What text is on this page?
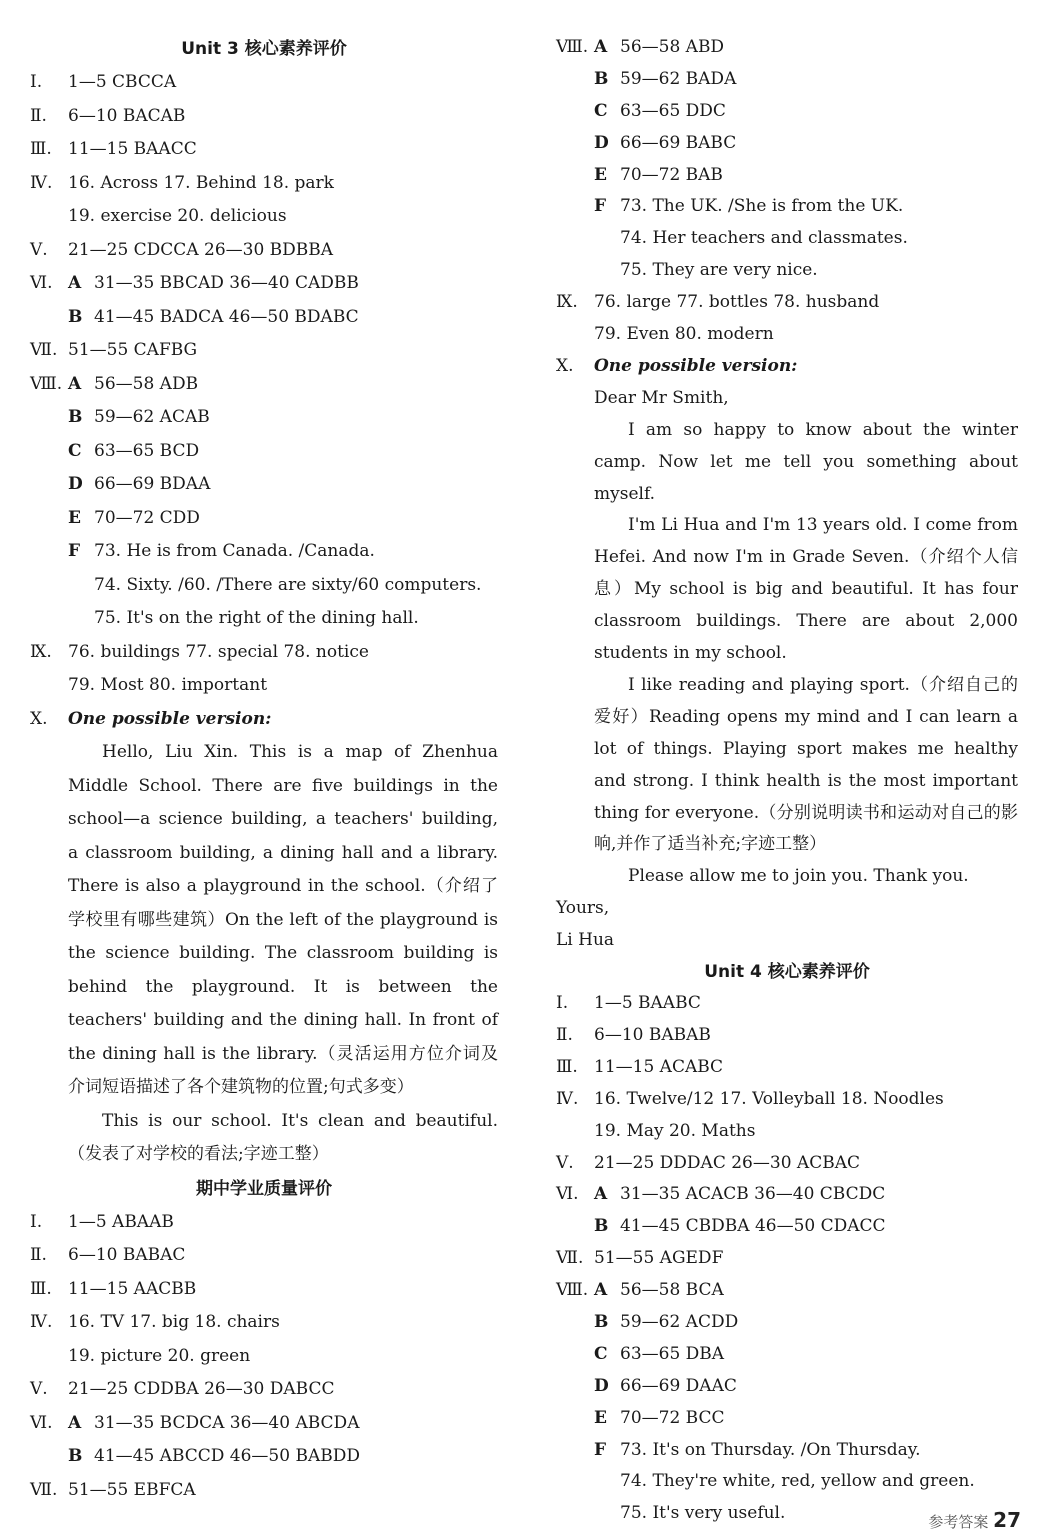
Unit 3 核心素养评价
Ⅰ. 1—5 CBCCA
Ⅱ. 6—10 BACAB
Ⅲ. 11—15 BAACC
Ⅳ. 16. Across 17. Behind 18. park
19. exercise 20. delicious
Ⅴ. 21—25 CDCCA 26—30 BDBBA
Ⅵ. A 31—35 BBCAD 36—40 CADBB
B 41—45 BADCA 46—50 BDABC
Ⅶ. 51—55 CAFBG
Ⅷ. A 56—58 ADB
B 59—62 ACAB
C 63—65 BCD
D 66—69 BDAA
E 70—72 CDD
F 73. He is from Canada. /Canada.
74. Sixty. /60. /There are sixty/60 computers.
75. It's on the right of the dining hall.
Ⅸ. 76. buildings 77. special 78. notice
79. Most 80. important
Ⅹ. One possible version:
Hello, Liu Xin. This is a map of Zhenhua Middle School. There are five buildings in the school—a science building, a teachers' building, a classroom building, a dining hall and a library. There is also a playground in the school.（介绍了学校里有哪些建筑）On the left of the playground is the science building. The classroom building is behind the playground. It is between the teachers' building and the dining hall. In front of the dining hall is the library.（灵活运用方位介词及介词短语描述了各个建筑物的位置;句式多变）
This is our school. It's clean and beautiful.（发表了对学校的看法;字迹工整）
期中学业质量评价
Ⅰ. 1—5 ABAAB
Ⅱ. 6—10 BABAC
Ⅲ. 11—15 AACBB
Ⅳ. 16. TV 17. big 18. chairs
19. picture 20. green
Ⅴ. 21—25 CDDBA 26—30 DABCC
Ⅵ. A 31—35 BCDCA 36—40 ABCDA
B 41—45 ABCCD 46—50 BABDD
Ⅶ. 51—55 EBFCA
Ⅷ. A 56—58 ABD
B 59—62 BADA
C 63—65 DDC
D 66—69 BABC
E 70—72 BAB
F 73. The UK. /She is from the UK.
74. Her teachers and classmates.
75. They are very nice.
Ⅸ. 76. large 77. bottles 78. husband
79. Even 80. modern
Ⅹ. One possible version:
Dear Mr Smith,
I am so happy to know about the winter camp. Now let me tell you something about myself.
I'm Li Hua and I'm 13 years old. I come from Hefei. And now I'm in Grade Seven.（介绍个人信息）My school is big and beautiful. It has four classroom buildings. There are about 2,000 students in my school.
I like reading and playing sport.（介绍自己的爱好）Reading opens my mind and I can learn a lot of things. Playing sport makes me healthy and strong. I think health is the most important thing for everyone.（分别说明读书和运动对自己的影响,并作了适当补充;字迹工整）
Please allow me to join you. Thank you.
Yours,
Li Hua
Unit 4 核心素养评价
Ⅰ. 1—5 BAABC
Ⅱ. 6—10 BABAB
Ⅲ. 11—15 ACABC
Ⅳ. 16. Twelve/12 17. Volleyball 18. Noodles
19. May 20. Maths
Ⅴ. 21—25 DDDAC 26—30 ACBAC
Ⅵ. A 31—35 ACACB 36—40 CBCDC
B 41—45 CBDBA 46—50 CDACC
Ⅶ. 51—55 AGEDF
Ⅷ. A 56—58 BCA
B 59—62 ACDD
C 63—65 DBA
D 66—69 DAAC
E 70—72 BCC
F 73. It's on Thursday. /On Thursday.
74. They're white, red, yellow and green.
75. It's very useful.	参考答案 27
